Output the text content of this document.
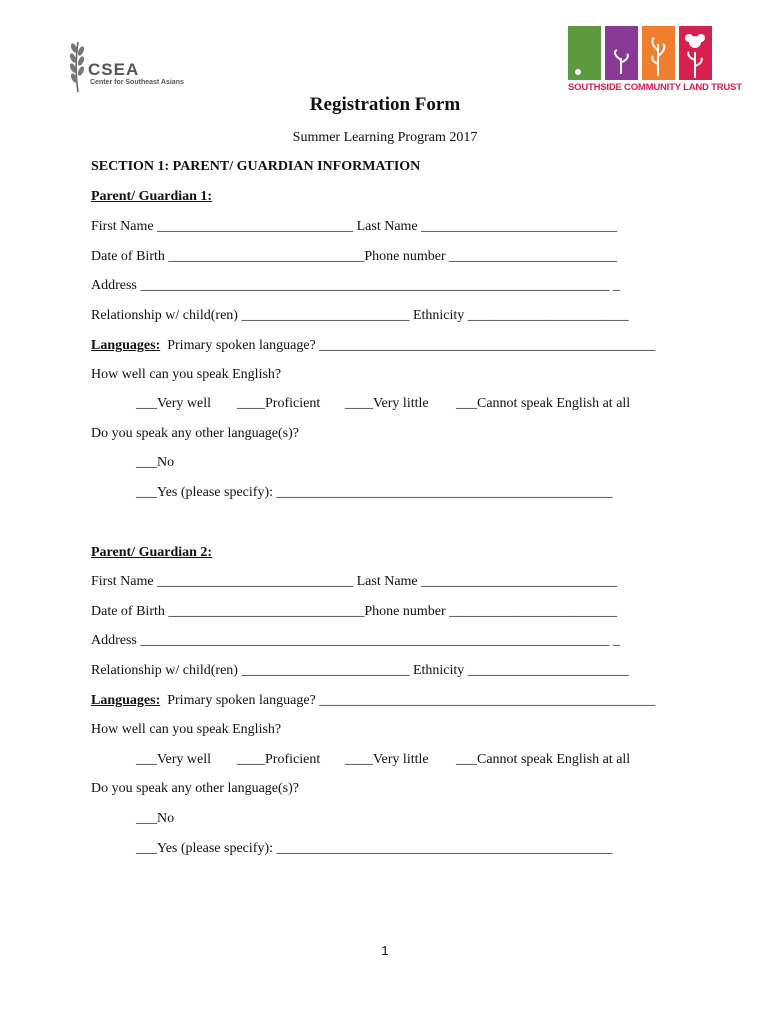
CSEA
Center for Southeast Asians	SOUTHSIDE COMMUNITY LAND TRUST
Registration Form
Summer Learning Program 2017
SECTION 1: PARENT/ GUARDIAN INFORMATION
Parent/ Guardian 1:
First Name ____________________________ Last Name ____________________________
Date of Birth ____________________________Phone number ________________________
Address ___________________________________________________________________ _
Relationship w/ child(ren) ________________________ Ethnicity _______________________
Languages:  Primary spoken language? ________________________________________________
How well can you speak English?
___Very well ____Proficient ____Very little ___Cannot speak English at all
Do you speak any other language(s)?
___No
___Yes (please specify): ________________________________________________
Parent/ Guardian 2:
First Name ____________________________ Last Name ____________________________
Date of Birth ____________________________Phone number ________________________
Address ___________________________________________________________________ _
Relationship w/ child(ren) ________________________ Ethnicity _______________________
Languages:  Primary spoken language? ________________________________________________
How well can you speak English?
___Very well ____Proficient ____Very little ___Cannot speak English at all
Do you speak any other language(s)?
___No
___Yes (please specify): ________________________________________________
1
